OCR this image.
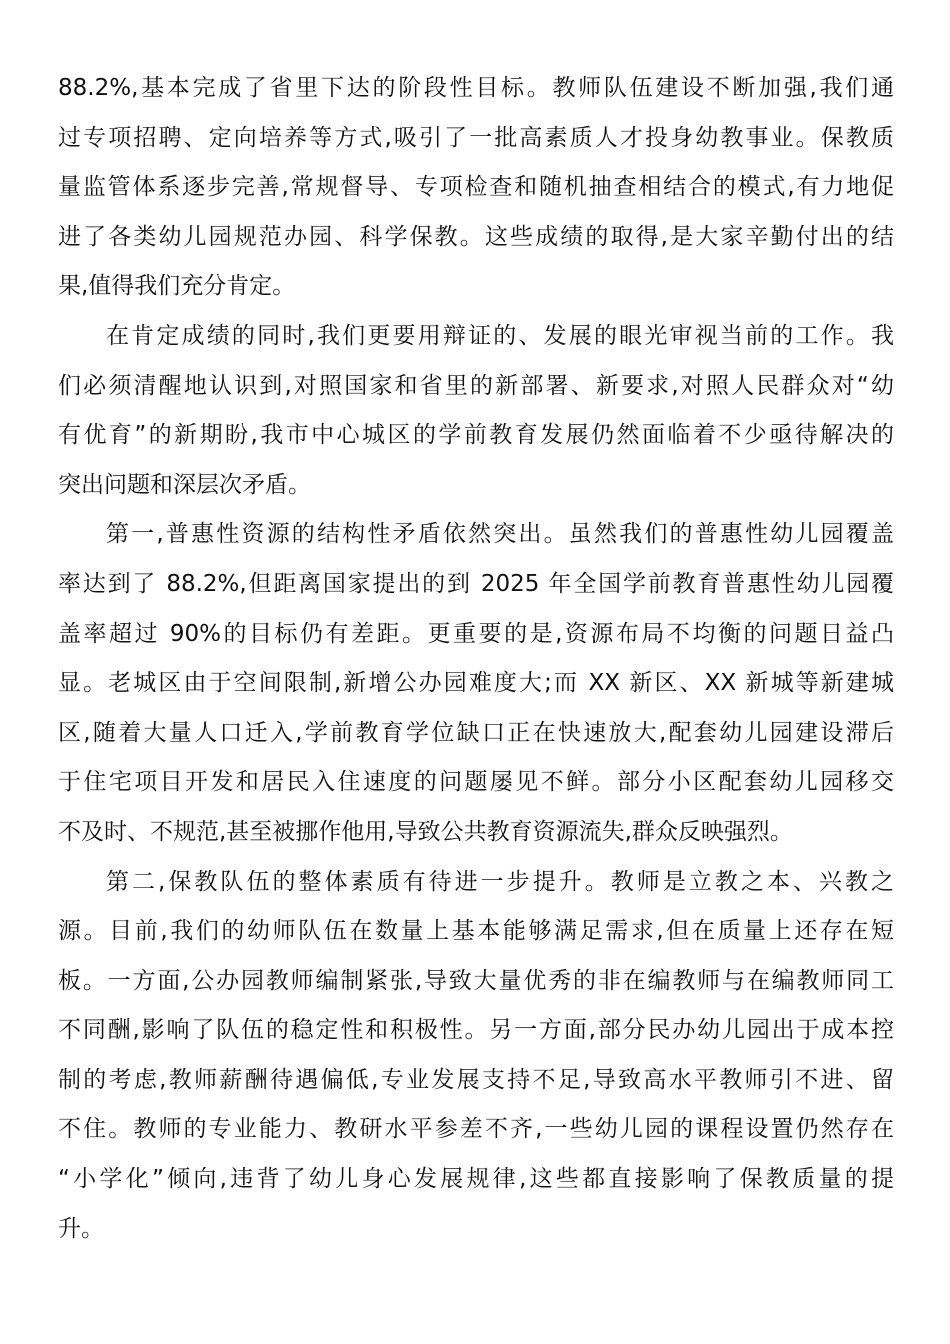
88.2%,基本完成了省里下达的阶段性目标。教师队伍建设不断加强,我们通
过专项招聘、定向培养等方式,吸引了一批高素质人才投身幼教事业。保教质
量监管体系逐步完善,常规督导、专项检查和随机抽查相结合的模式,有力地促
进了各类幼儿园规范办园、科学保教。这些成绩的取得,是大家辛勤付出的结
果,值得我们充分肯定。
在肯定成绩的同时,我们更要用辩证的、发展的眼光审视当前的工作。我
们必须清醒地认识到,对照国家和省里的新部署、新要求,对照人民群众对“幼
有优育”的新期盼,我市中心城区的学前教育发展仍然面临着不少亟待解决的
突出问题和深层次矛盾。
第一,普惠性资源的结构性矛盾依然突出。虽然我们的普惠性幼儿园覆盖
率达到了 88.2%,但距离国家提出的到 2025 年全国学前教育普惠性幼儿园覆
盖率超过 90%的目标仍有差距。更重要的是,资源布局不均衡的问题日益凸
显。老城区由于空间限制,新增公办园难度大;而 XX 新区、XX 新城等新建城
区,随着大量人口迁入,学前教育学位缺口正在快速放大,配套幼儿园建设滞后
于住宅项目开发和居民入住速度的问题屡见不鲜。部分小区配套幼儿园移交
不及时、不规范,甚至被挪作他用,导致公共教育资源流失,群众反映强烈。
第二,保教队伍的整体素质有待进一步提升。教师是立教之本、兴教之
源。目前,我们的幼师队伍在数量上基本能够满足需求,但在质量上还存在短
板。一方面,公办园教师编制紧张,导致大量优秀的非在编教师与在编教师同工
不同酬,影响了队伍的稳定性和积极性。另一方面,部分民办幼儿园出于成本控
制的考虑,教师薪酬待遇偏低,专业发展支持不足,导致高水平教师引不进、留
不住。教师的专业能力、教研水平参差不齐,一些幼儿园的课程设置仍然存在
“小学化”倾向,违背了幼儿身心发展规律,这些都直接影响了保教质量的提
升。
